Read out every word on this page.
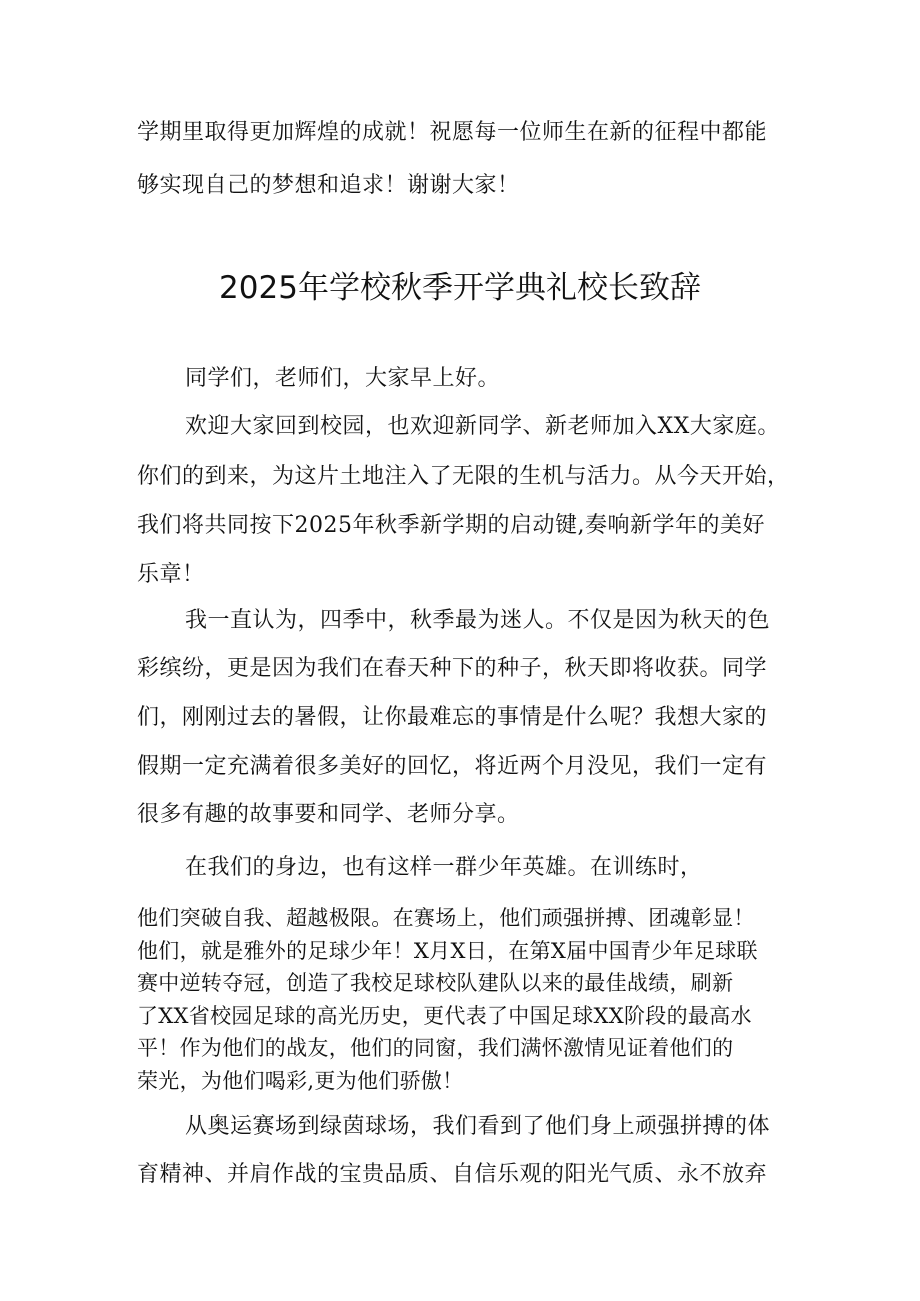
学期里取得更加辉煌的成就！祝愿每一位师生在新的征程中都能
够实现自己的梦想和追求！谢谢大家！
2025年学校秋季开学典礼校长致辞
同学们，老师们，大家早上好。
欢迎大家回到校园，也欢迎新同学、新老师加入XX大家庭。
你们的到来，为这片土地注入了无限的生机与活力。从今天开始，
我们将共同按下2025年秋季新学期的启动键,奏响新学年的美好
乐章！
我一直认为，四季中，秋季最为迷人。不仅是因为秋天的色
彩缤纷，更是因为我们在春天种下的种子，秋天即将收获。同学
们，刚刚过去的暑假，让你最难忘的事情是什么呢？我想大家的
假期一定充满着很多美好的回忆，将近两个月没见，我们一定有
很多有趣的故事要和同学、老师分享。
在我们的身边，也有这样一群少年英雄。在训练时，
他们突破自我、超越极限。在赛场上，他们顽强拼搏、团魂彰显！
他们，就是雅外的足球少年！X月X日，在第X届中国青少年足球联
赛中逆转夺冠，创造了我校足球校队建队以来的最佳战绩，刷新
了XX省校园足球的高光历史，更代表了中国足球XX阶段的最高水
平！作为他们的战友，他们的同窗，我们满怀激情见证着他们的
荣光，为他们喝彩,更为他们骄傲！
从奥运赛场到绿茵球场，我们看到了他们身上顽强拼搏的体
育精神、并肩作战的宝贵品质、自信乐观的阳光气质、永不放弃
